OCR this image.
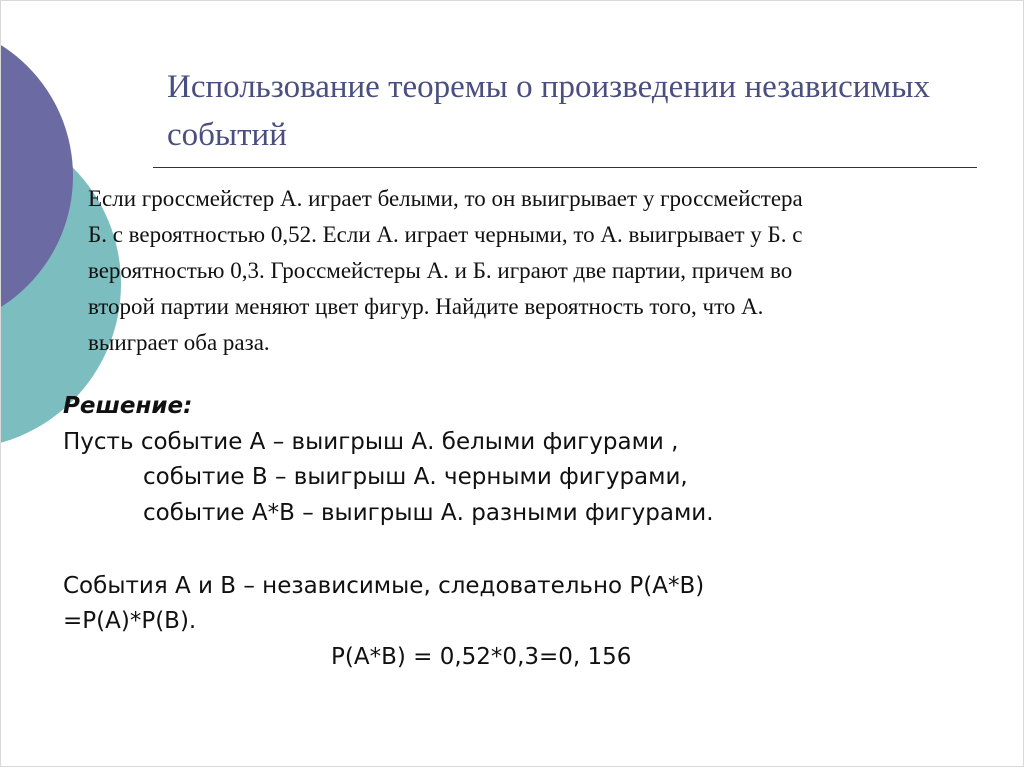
Использование теоремы о произведении независимых событий

Если гроссмейстер А. играет белыми, то он выигрывает у гроссмейстера
Б. с вероятностью 0,52. Если А. играет черными, то А. выигрывает у Б. с
вероятностью 0,3. Гроссмейстеры А. и Б. играют две партии, причем во
второй партии меняют цвет фигур. Найдите вероятность того, что А.
выиграет оба раза.

Решение:
Пусть событие А – выигрыш А. белыми фигурами ,
событие В – выигрыш А. черными фигурами,
событие А*В – выигрыш А. разными фигурами.
События А и В – независимые, следовательно Р(А*В)
=Р(А)*Р(В).
Р(А*В) = 0,52*0,3=0, 156
